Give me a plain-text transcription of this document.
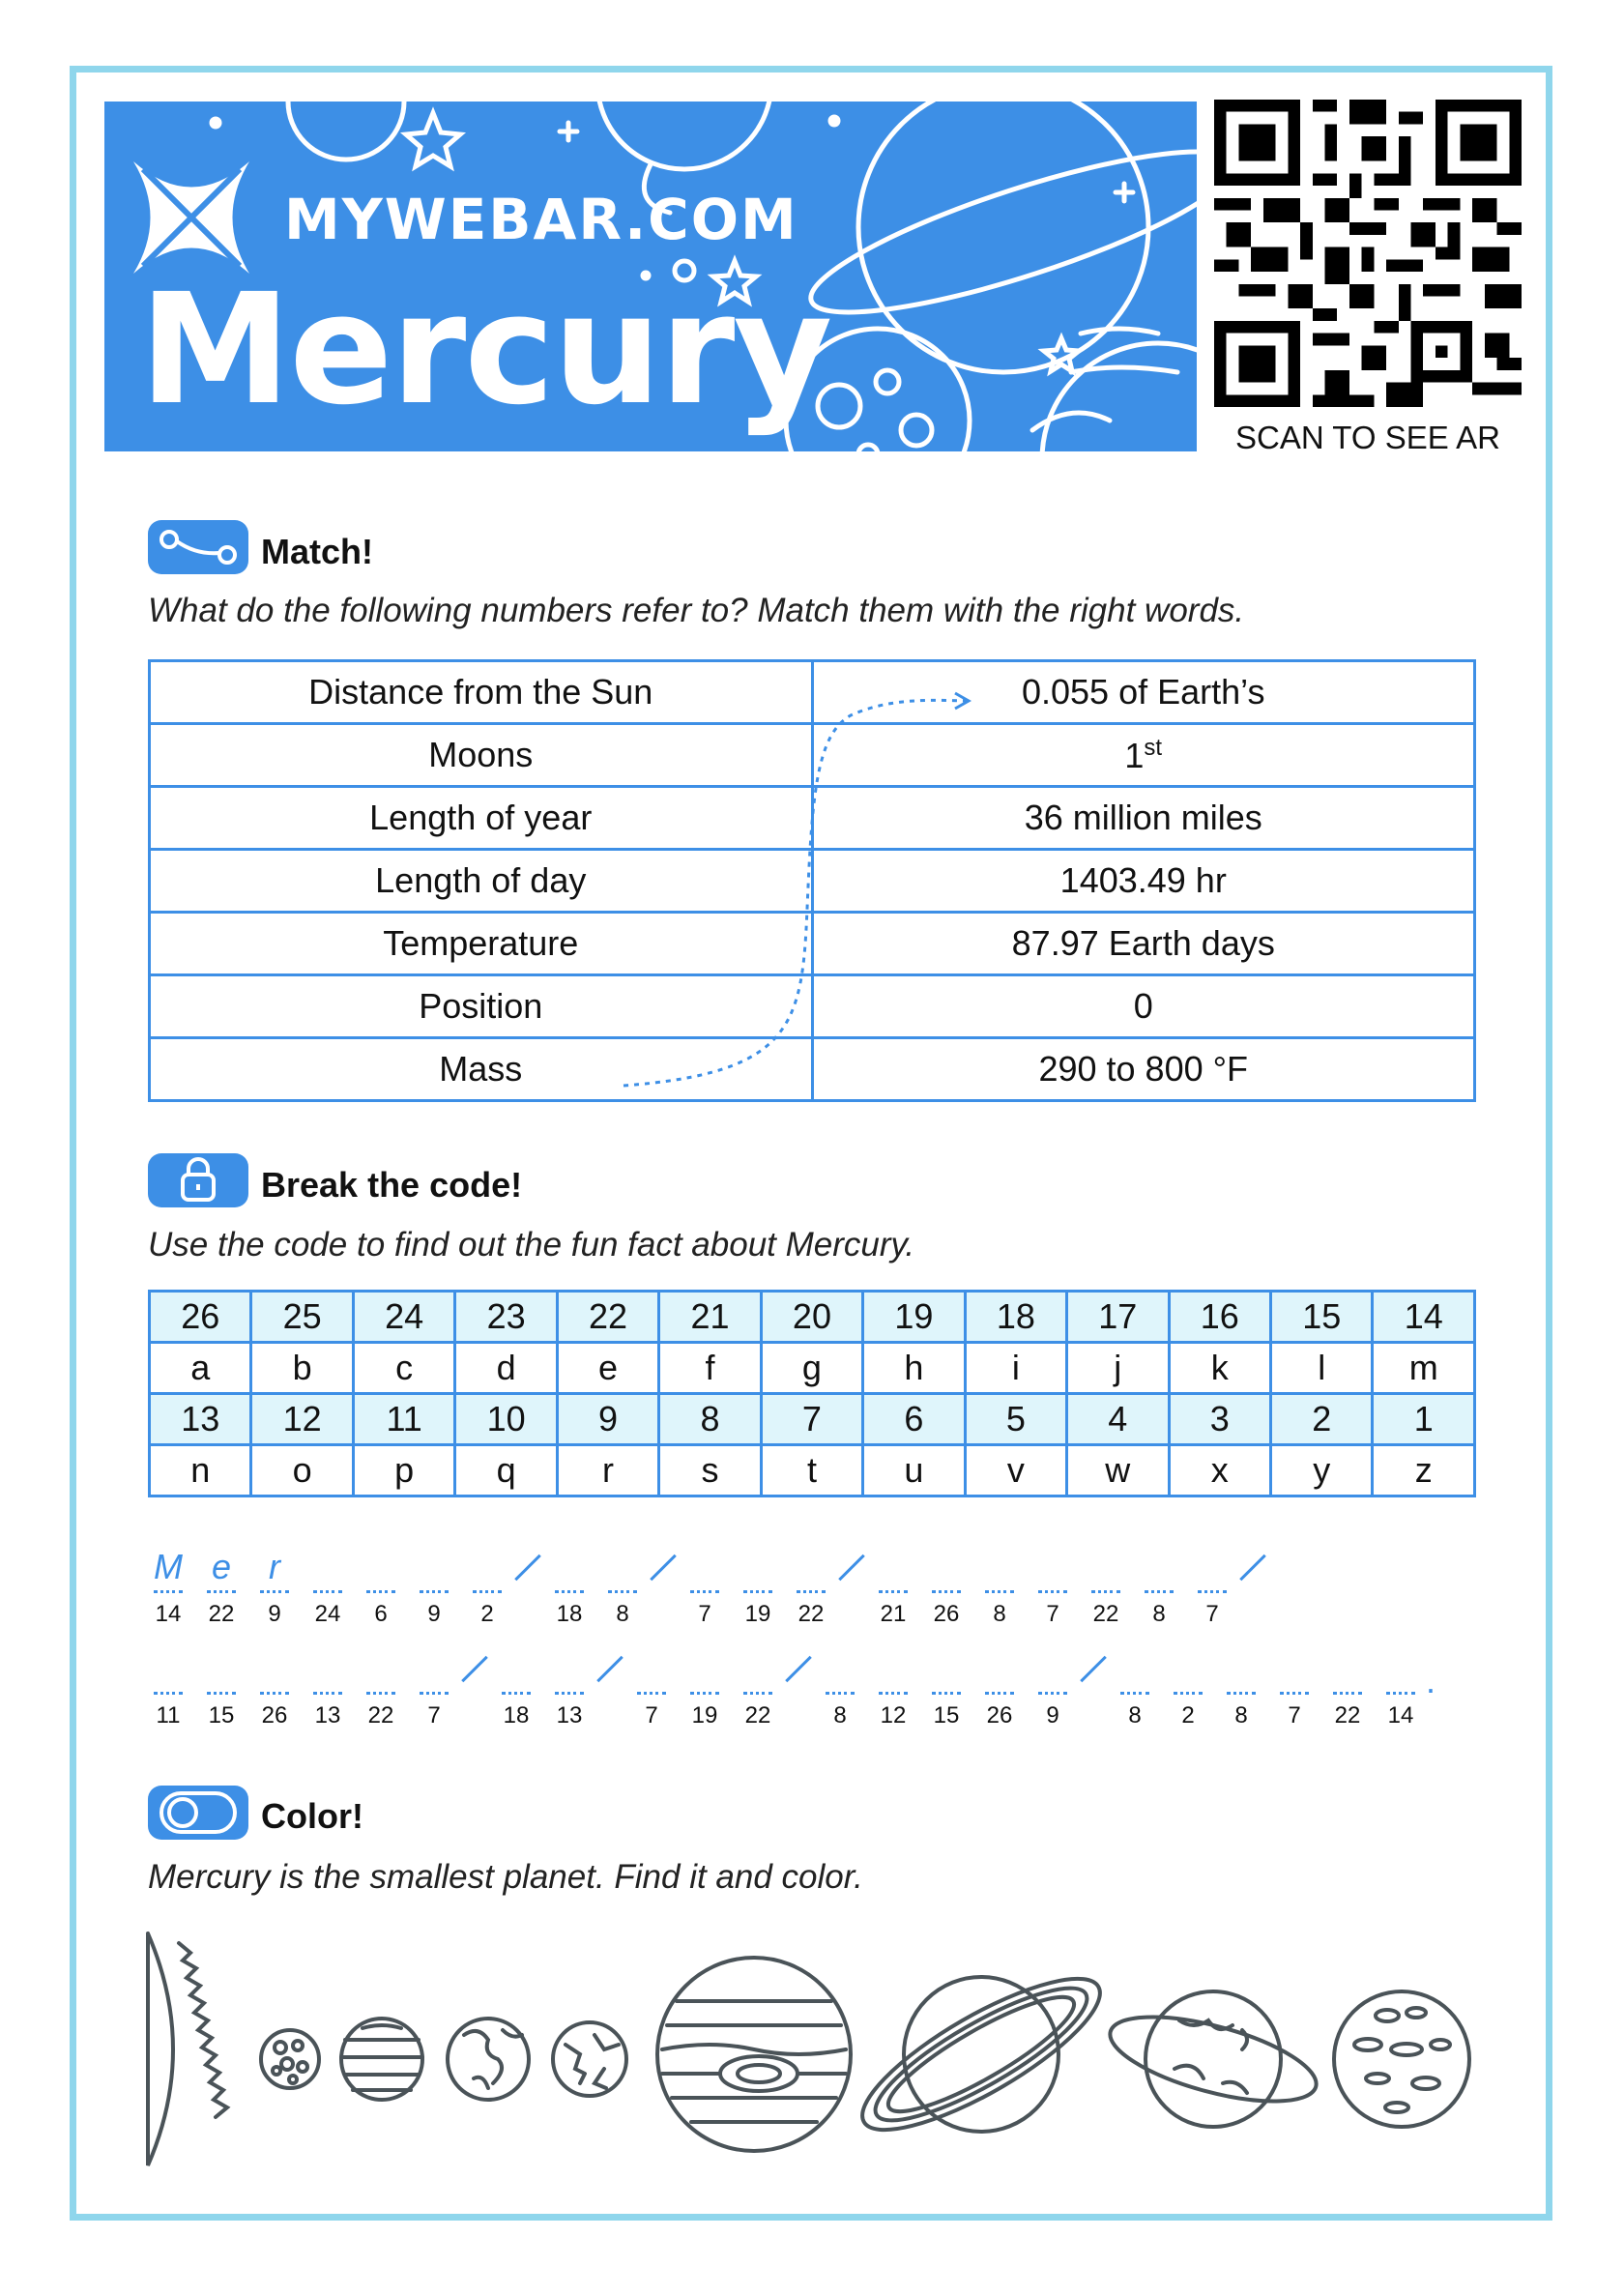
MYWEBAR.COM
Mercury	SCAN TO SEE AR
Match!
What do the following numbers refer to? Match them with the right words.
Distance from the Sun	0.055 of Earth’s
Moons	1st
Length of year	36 million miles
Length of day	1403.49 hr
Temperature	87.97 Earth days
Position	0
Mass	290 to 800 °F
Break the code!
Use the code to find out the fun fact about Mercury.
26	25	24	23	22	21	20	19	18	17	16	15	14
a	b	c	d	e	f	g	h	i	j	k	l	m
13	12	11	10	9	8	7	6	5	4	3	2	1
n	o	p	q	r	s	t	u	v	w	x	y	z
M
14
e
22
r
9	24	6	9	2	18	8	7	19	22	21	26	8	7	22	8	7
11	15	26	13	22	7	18	13	7	19	22	8	12	15	26	9	8	2	8	7	22	14
.
Color!
Mercury is the smallest planet. Find it and color.
